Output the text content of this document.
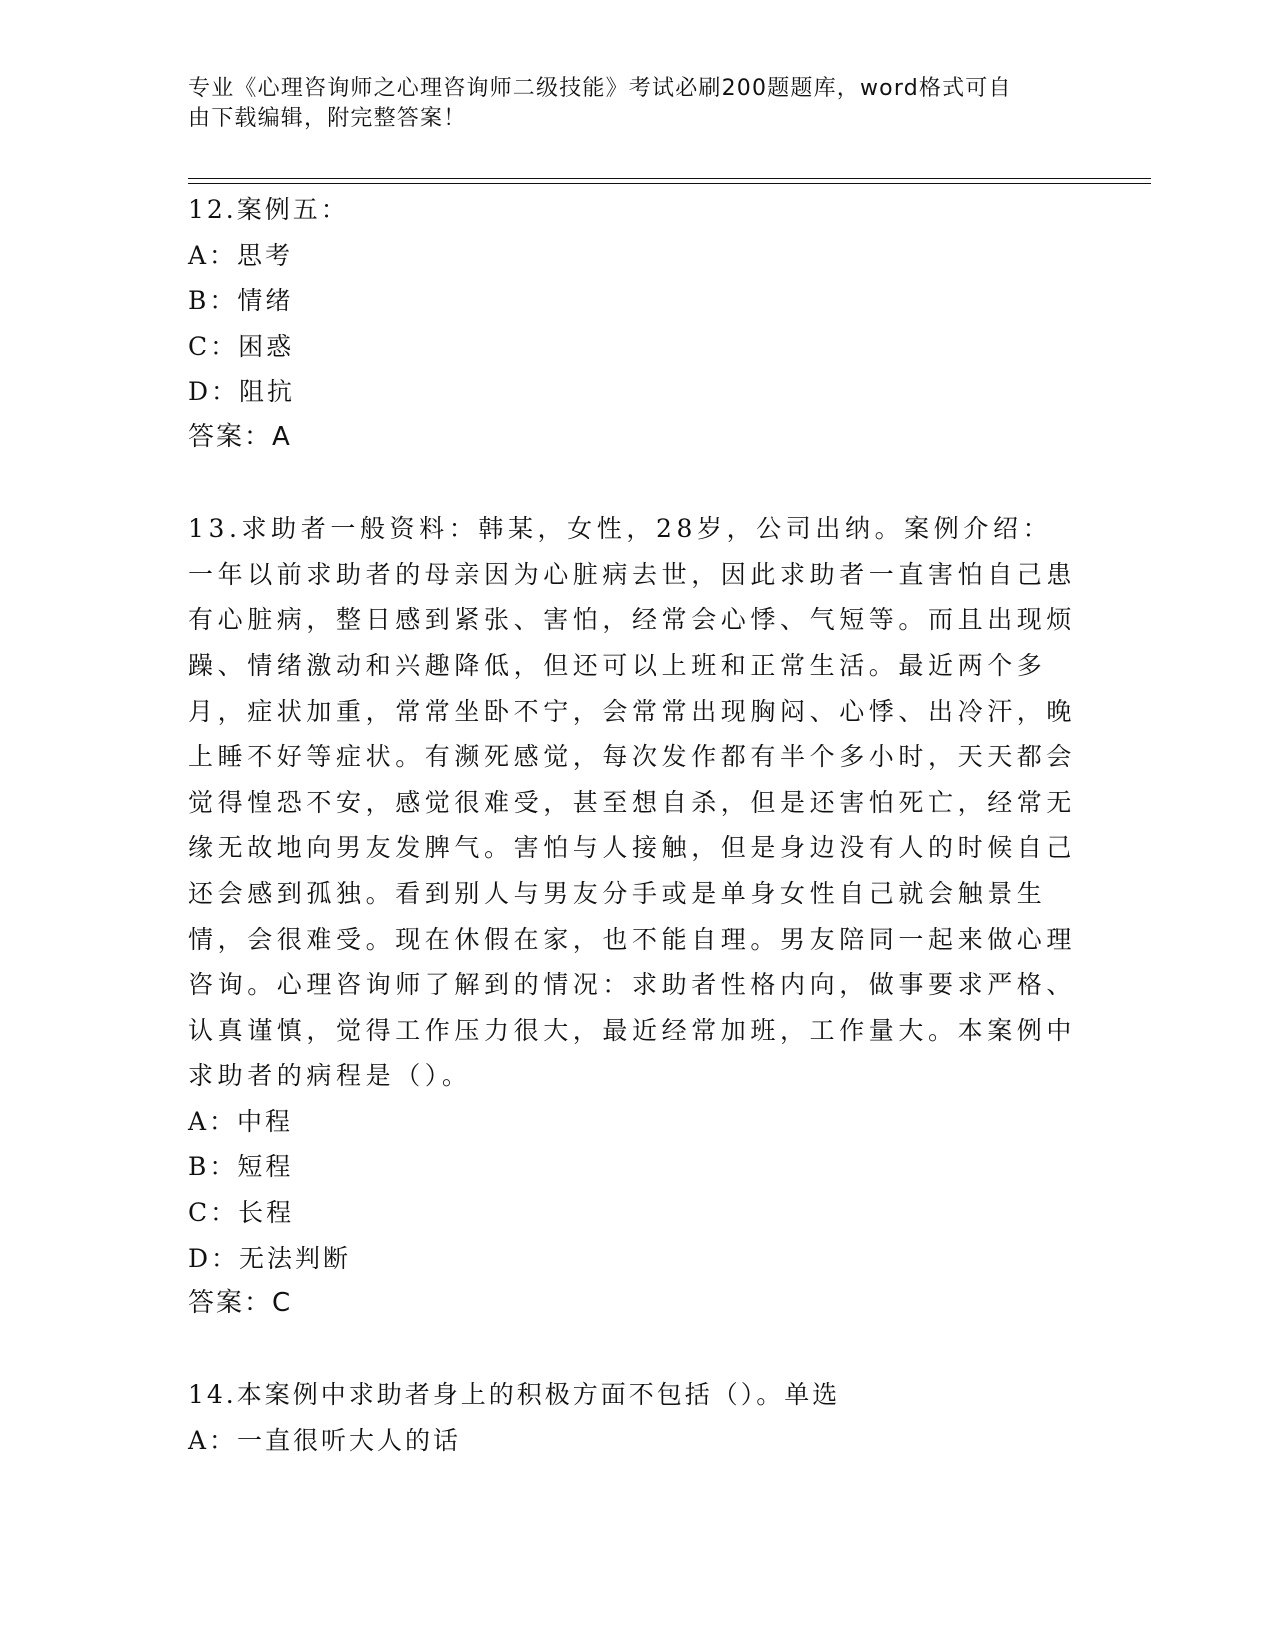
专业《心理咨询师之心理咨询师二级技能》考试必刷200题题库，word格式可自
由下载编辑，附完整答案！
12.案例五：
A：思考
B：情绪
C：困惑
D：阻抗
答案：A
13.求助者一般资料：韩某，女性，28岁，公司出纳。案例介绍：一年以前求助者的母亲因为心脏病去世，因此求助者一直害怕自己患有心脏病，整日感到紧张、害怕，经常会心悸、气短等。而且出现烦躁、情绪激动和兴趣降低，但还可以上班和正常生活。最近两个多月，症状加重，常常坐卧不宁，会常常出现胸闷、心悸、出冷汗，晚上睡不好等症状。有濒死感觉，每次发作都有半个多小时，天天都会觉得惶恐不安，感觉很难受，甚至想自杀，但是还害怕死亡，经常无缘无故地向男友发脾气。害怕与人接触，但是身边没有人的时候自己还会感到孤独。看到别人与男友分手或是单身女性自己就会触景生情，会很难受。现在休假在家，也不能自理。男友陪同一起来做心理咨询。心理咨询师了解到的情况：求助者性格内向，做事要求严格、认真谨慎，觉得工作压力很大，最近经常加班，工作量大。本案例中求助者的病程是（）。
A：中程
B：短程
C：长程
D：无法判断
答案：C
14.本案例中求助者身上的积极方面不包括（）。单选
A：一直很听大人的话
